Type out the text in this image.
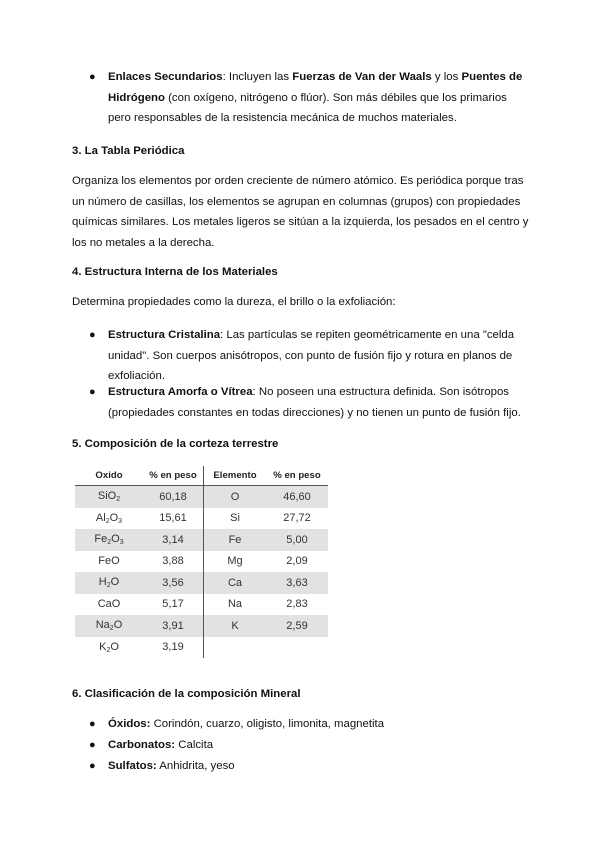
● Enlaces Secundarios: Incluyen las Fuerzas de Van der Waals y los Puentes de Hidrógeno (con oxígeno, nitrógeno o flúor). Son más débiles que los primarios pero responsables de la resistencia mecánica de muchos materiales.

3. La Tabla Periódica

Organiza los elementos por orden creciente de número atómico. Es periódica porque tras un número de casillas, los elementos se agrupan en columnas (grupos) con propiedades químicas similares. Los metales ligeros se sitúan a la izquierda, los pesados en el centro y los no metales a la derecha.

4. Estructura Interna de los Materiales

Determina propiedades como la dureza, el brillo o la exfoliación:

● Estructura Cristalina: Las partículas se repiten geométricamente en una "celda unidad". Son cuerpos anisótropos, con punto de fusión fijo y rotura en planos de exfoliación.

● Estructura Amorfa o Vítrea: No poseen una estructura definida. Son isótropos (propiedades constantes en todas direcciones) y no tienen un punto de fusión fijo.

5. Composición de la corteza terrestre
Oxido	% en peso	Elemento	% en peso
SiO$_2$	60,18	O	46,60
$Al_2O_3$	15,61	Si	27,72
$Fe_2O_3$	3,14	Fe	5,00
FeO	3,88	Mg	2,09
$H_2O$	3,56	Ca	3,63
CaO	5,17	Na	2,83
$Na_2O$	3,91	K	2,59
$K_2O$	3,19		
6. Clasificación de la composición Mineral
● Óxidos: Corindón, cuarzo, oligisto, limonita, magnetita

● Carbonatos: Calcita

● Sulfatos: Anhidrita, yeso
